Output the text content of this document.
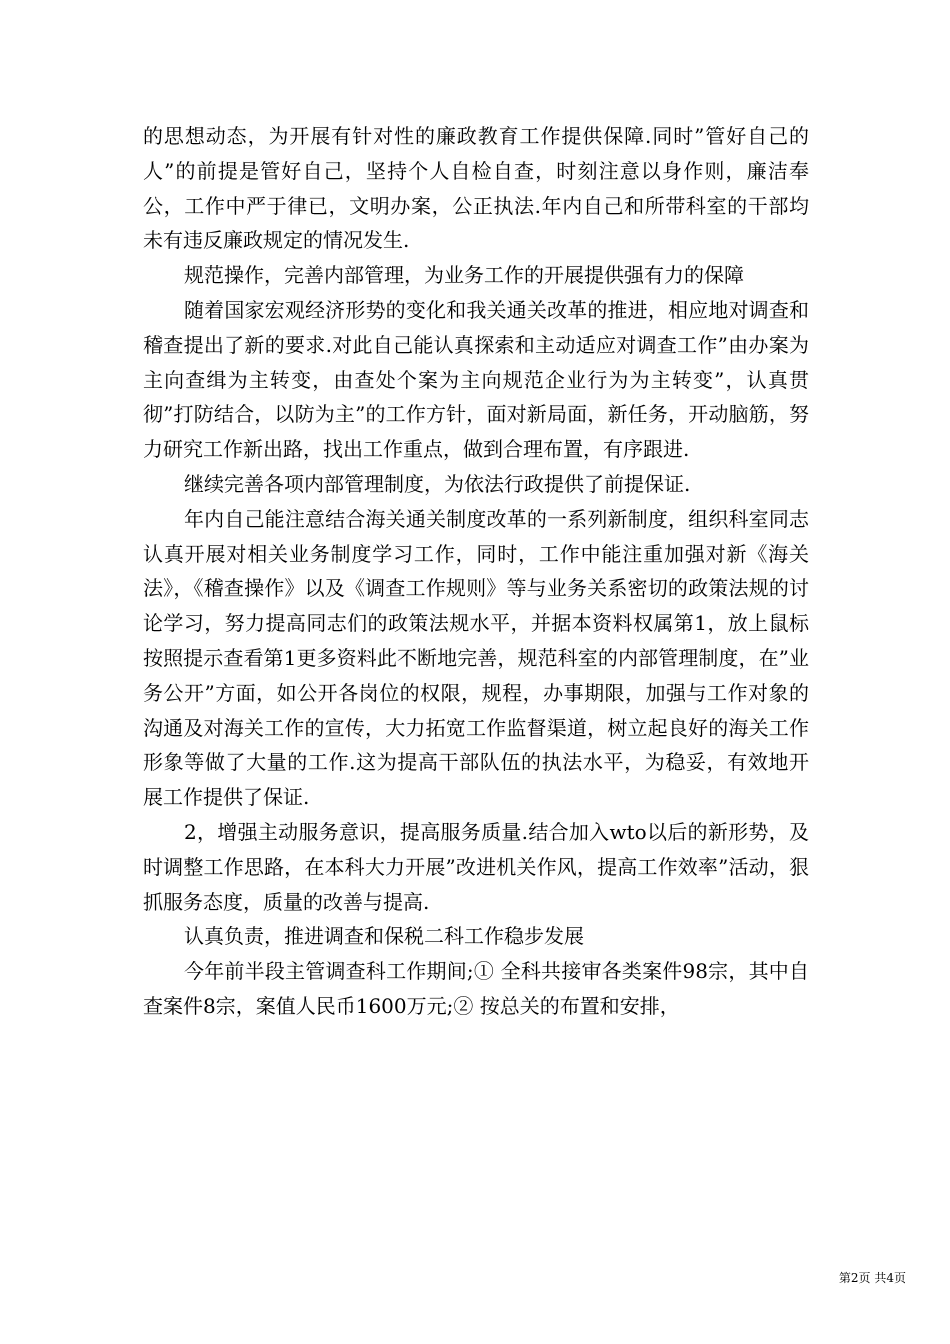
的思想动态，为开展有针对性的廉政教育工作提供保障.同时”管好自己的人”的前提是管好自己，坚持个人自检自查，时刻注意以身作则，廉洁奉公，工作中严于律已，文明办案，公正执法.年内自己和所带科室的干部均未有违反廉政规定的情况发生.

规范操作，完善内部管理，为业务工作的开展提供强有力的保障

随着国家宏观经济形势的变化和我关通关改革的推进，相应地对调查和稽查提出了新的要求.对此自己能认真探索和主动适应对调查工作”由办案为主向查缉为主转变，由查处个案为主向规范企业行为为主转变”，认真贯彻”打防结合，以防为主”的工作方针，面对新局面，新任务，开动脑筋，努力研究工作新出路，找出工作重点，做到合理布置，有序跟进.

继续完善各项内部管理制度，为依法行政提供了前提保证.

年内自己能注意结合海关通关制度改革的一系列新制度，组织科室同志认真开展对相关业务制度学习工作，同时，工作中能注重加强对新《海关法》，《稽查操作》以及《调查工作规则》等与业务关系密切的政策法规的讨论学习，努力提高同志们的政策法规水平，并据本资料权属第1，放上鼠标按照提示查看第1更多资料此不断地完善，规范科室的内部管理制度，在”业务公开”方面，如公开各岗位的权限，规程，办事期限，加强与工作对象的沟通及对海关工作的宣传，大力拓宽工作监督渠道，树立起良好的海关工作形象等做了大量的工作.这为提高干部队伍的执法水平，为稳妥，有效地开展工作提供了保证.

2，增强主动服务意识，提高服务质量.结合加入wto以后的新形势，及时调整工作思路，在本科大力开展”改进机关作风，提高工作效率”活动，狠抓服务态度，质量的改善与提高.

认真负责，推进调查和保税二科工作稳步发展

今年前半段主管调查科工作期间;① 全科共接审各类案件98宗，其中自查案件8宗，案值人民币1600万元;② 按总关的布置和安排，

第2页 共4页
